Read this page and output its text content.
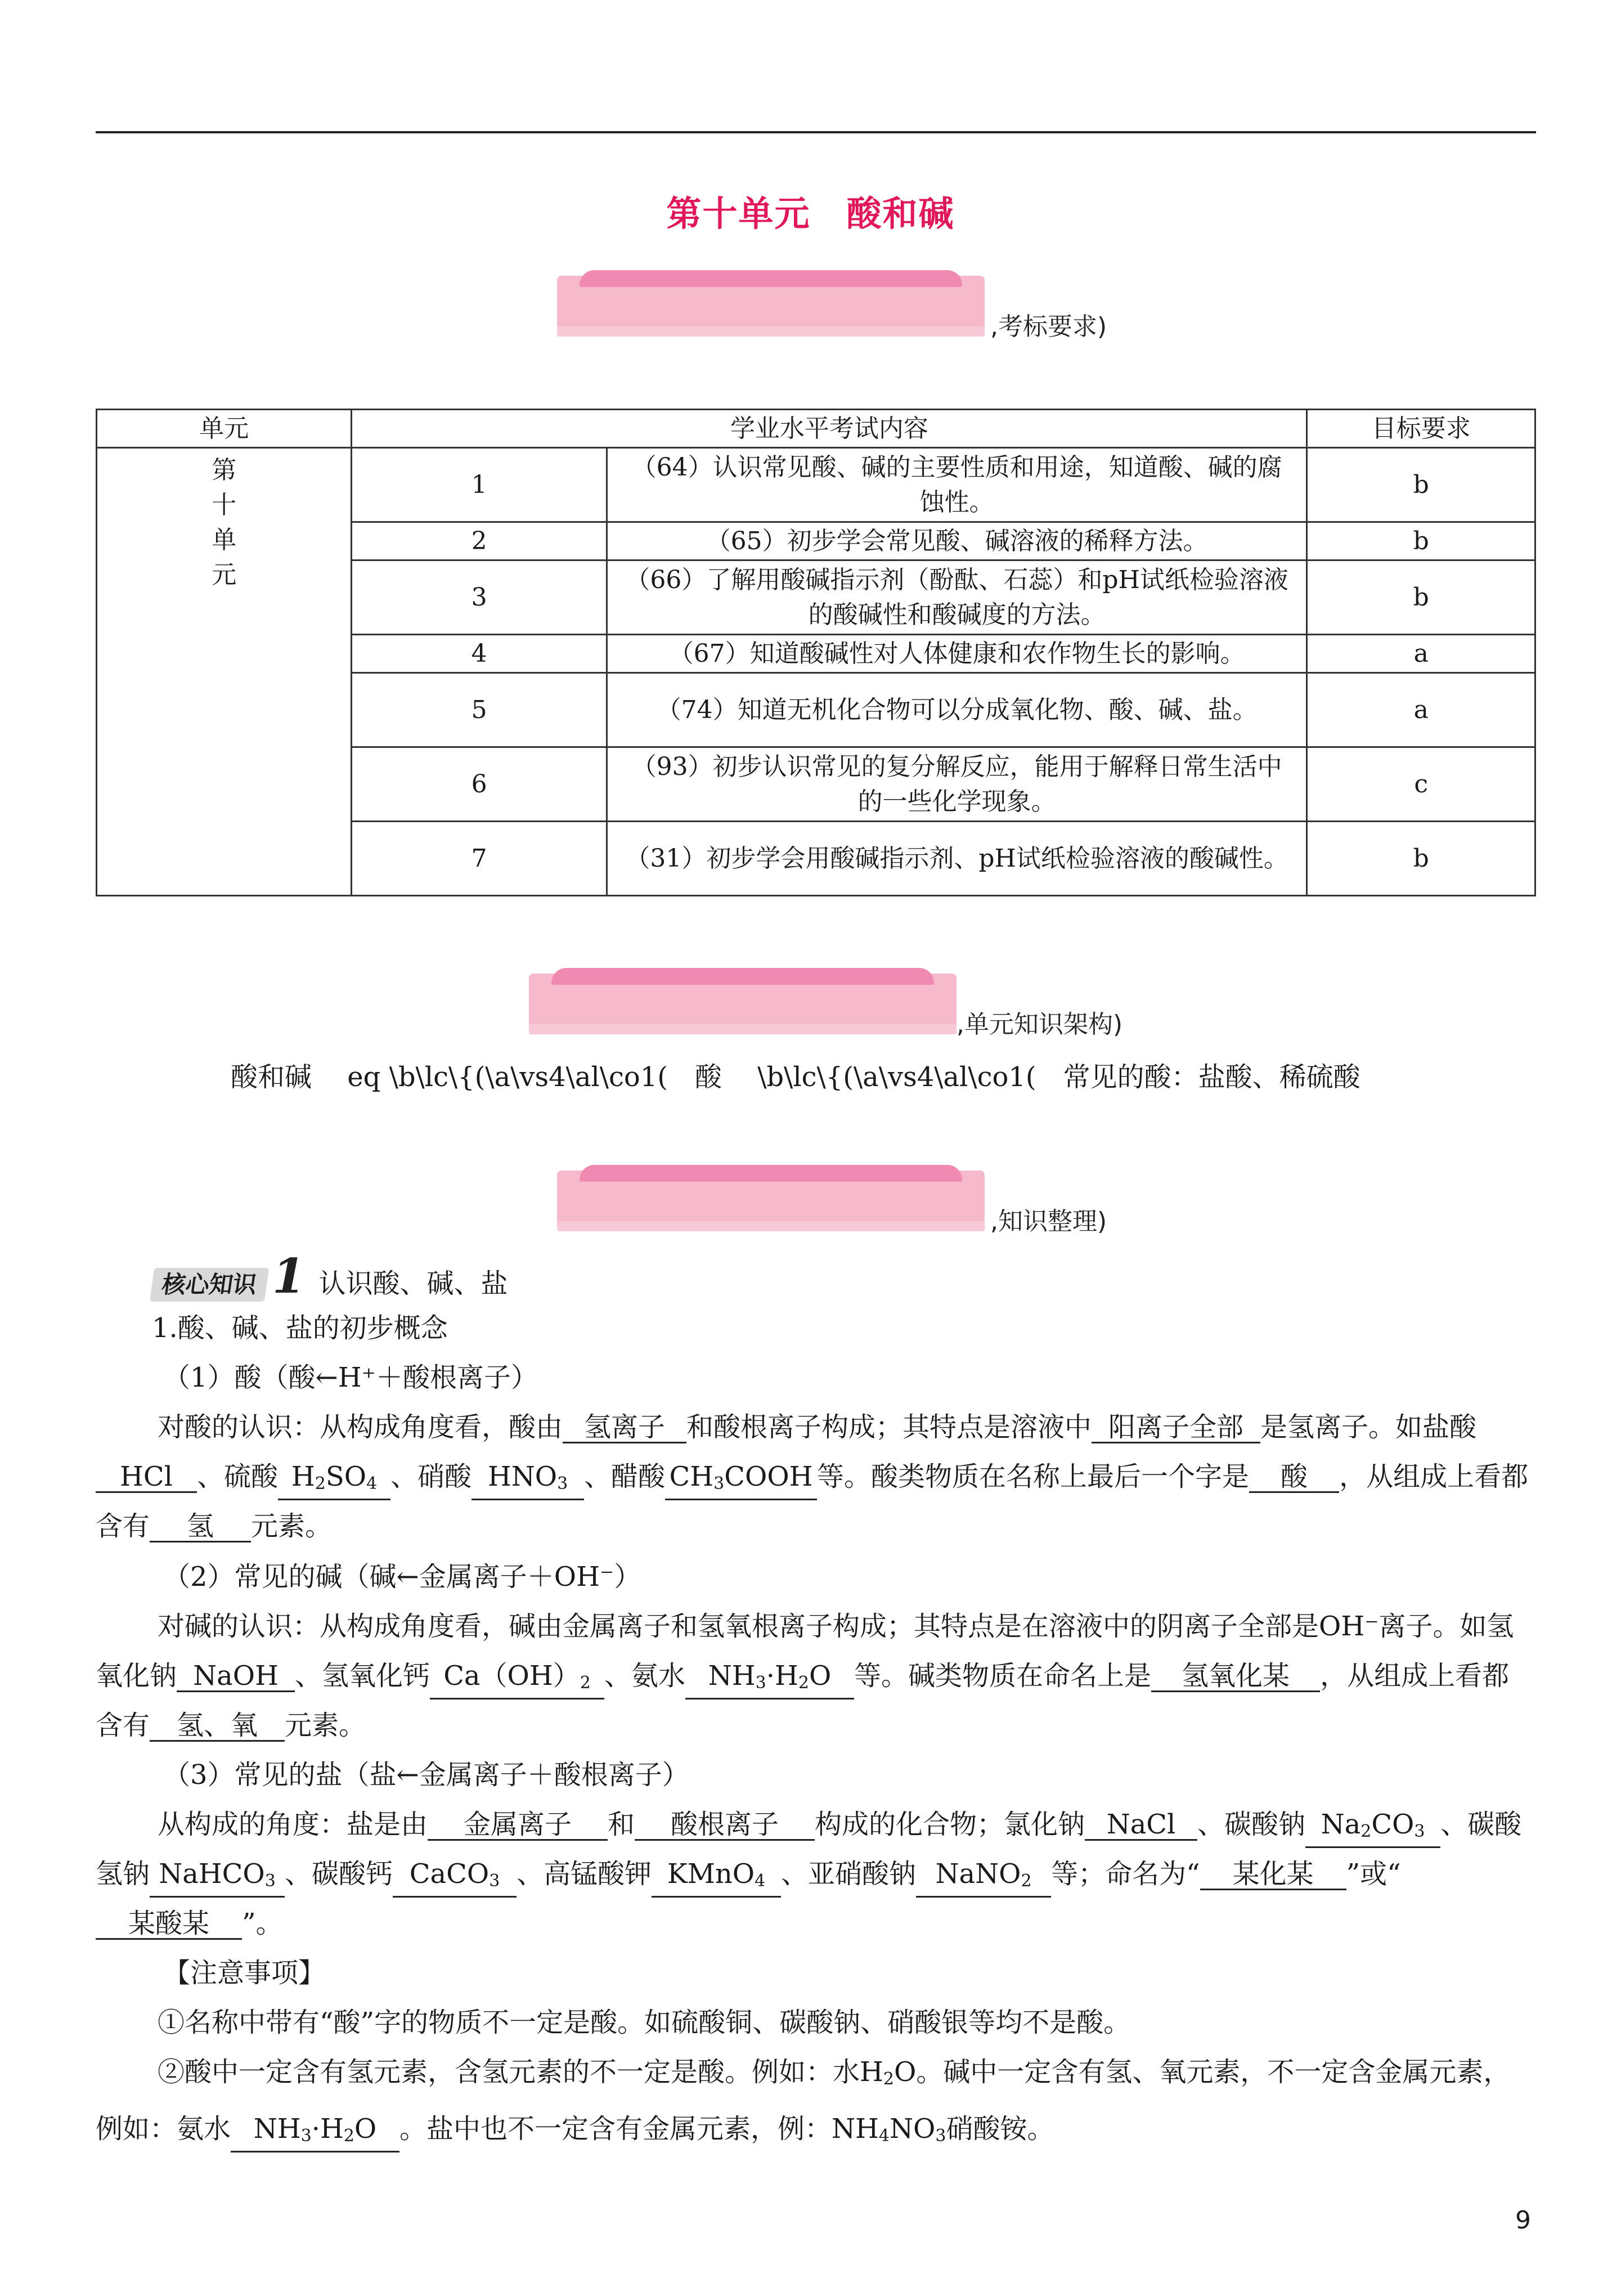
第十单元　酸和碱
,考标要求)
单元	学业水平考试内容		目标要求

第
十
单
元	1	（64）认识常见酸、碱的主要性质和用途，知道酸、碱的腐蚀性。	b
	2	（65）初步学会常见酸、碱溶液的稀释方法。	b
	3	（66）了解用酸碱指示剂（酚酞、石蕊）和pH试纸检验溶液的酸碱性和酸碱度的方法。	b
	4	（67）知道酸碱性对人体健康和农作物生长的影响。	a
	5	（74）知道无机化合物可以分成氧化物、酸、碱、盐。	a
	6	（93）初步认识常见的复分解反应，能用于解释日常生活中的一些化学现象。	c
	7	（31）初步学会用酸碱指示剂、pH试纸检验溶液的酸碱性。	b
,单元知识架构)
酸和碱　 eq \b\lc\{(\a\vs4\al\co1(　酸　 \b\lc\{(\a\vs4\al\co1(　常见的酸：盐酸、稀硫酸
,知识整理)
核心知识 1 认识酸、碱、盐
1.酸、碱、盐的初步概念
（1）酸（酸←H⁺＋酸根离子）
对酸的认识：从构成角度看，酸由 氢离子 和酸根离子构成；其特点是溶液中 阳离子全部 是氢离子。如盐酸HCl 、硫酸 $H_2SO_4$ 、硝酸 $HNO_3$ 、醋酸 $CH_3COOH$ 等。酸类物质在名称上最后一个字是 酸 ，从组成上看都含有 氢 元素。
（2）常见的碱（碱←金属离子＋OH⁻）
对碱的认识：从构成角度看，碱由金属离子和氢氧根离子构成；其特点是在溶液中的阴离子全部是OH⁻离子。如氢氧化钠 NaOH 、氢氧化钙 $Ca(OH)_2$ 、氨水 $NH_3\cdot H_2O$ 等。碱类物质在命名上是 氢氧化某 ，从组成上看都含有 氢、氧 元素。
（3）常见的盐（盐←金属离子＋酸根离子）
从构成的角度：盐是由 金属离子 和 酸根离子 构成的化合物；氯化钠 NaCl 、碳酸钠 $Na_2CO_3$ 、碳酸氢钠 NaHCO$_3$ 、碳酸钙 CaCO$_3$ 、高锰酸钾 KMnO$_4$ 、亚硝酸钠 NaNO$_2$ 等；命名为“ 某化某 ”或“某酸某 ”。
【注意事项】
①名称中带有“酸”字的物质不一定是酸。如硫酸铜、碳酸钠、硝酸银等均不是酸。
②酸中一定含有氢元素，含氢元素的不一定是酸。例如：水$H_2O$。碱中一定含有氢、氧元素，不一定含金属元素，例如：氨水 $NH_3\cdot H_2O$ 。盐中也不一定含有金属元素，例：$NH_4NO_3$硝酸铵。
9
